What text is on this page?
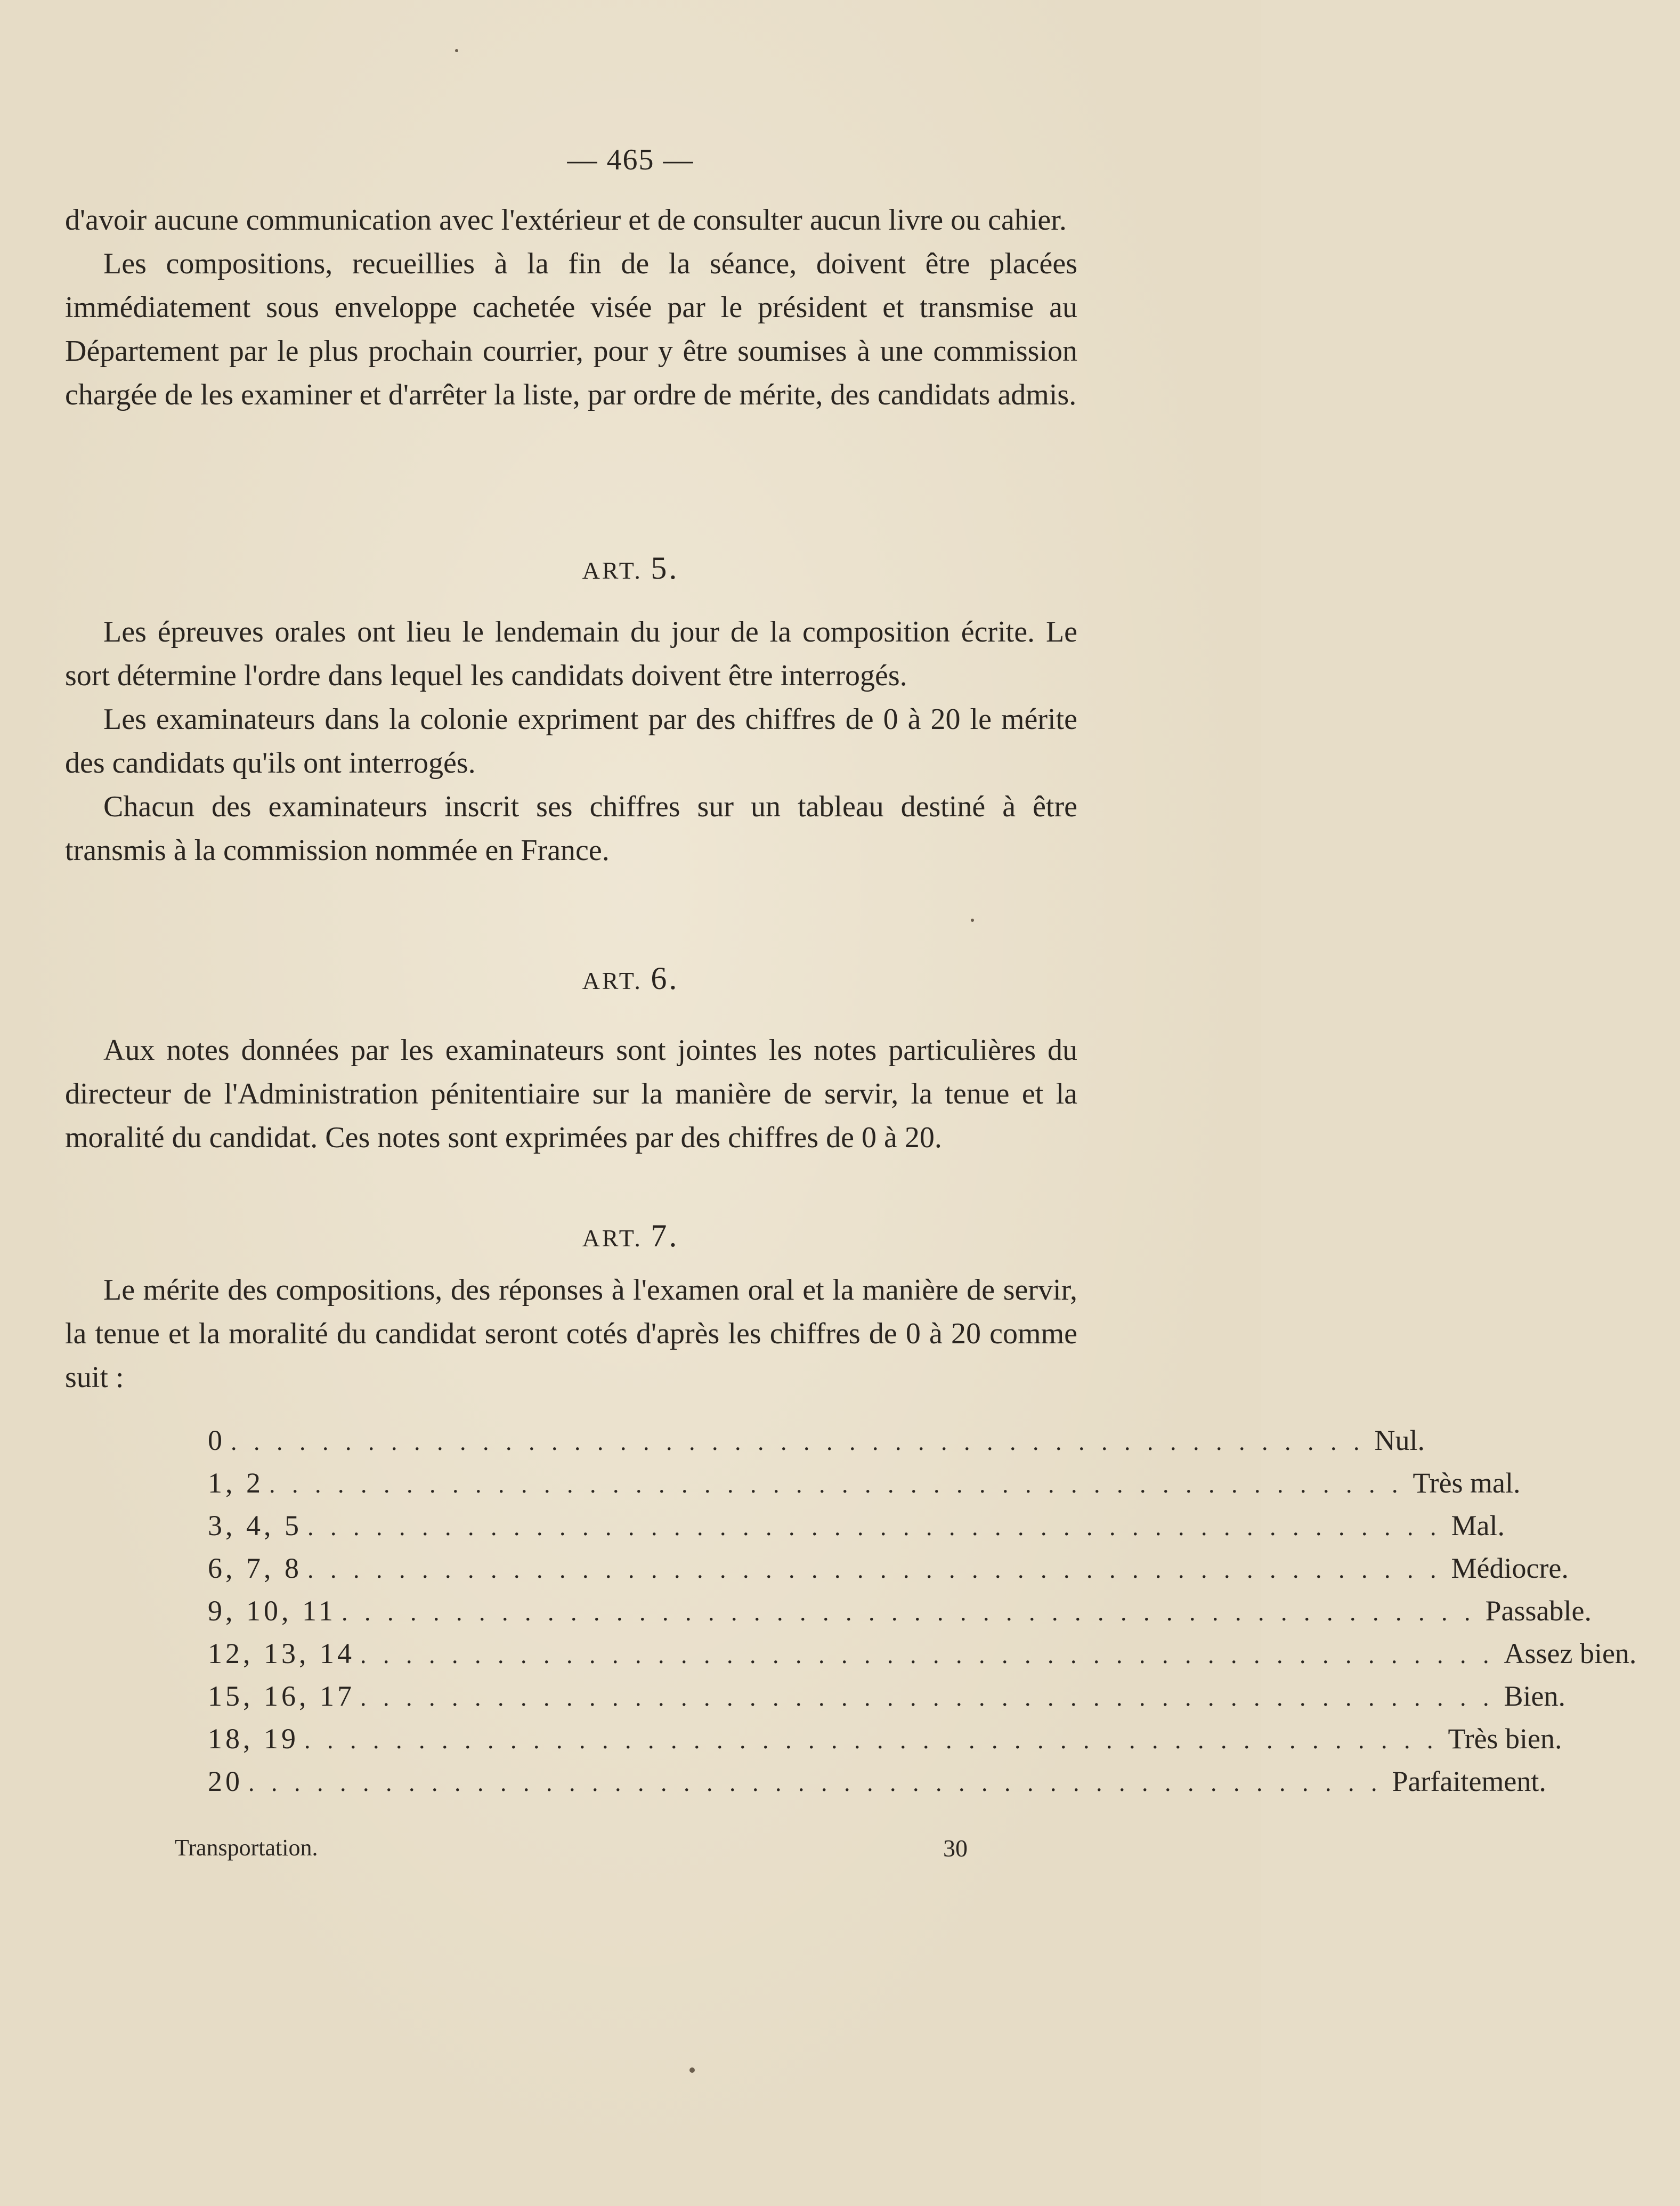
— 465 —

d'avoir aucune communication avec l'extérieur et de consulter aucun livre ou cahier.

Les compositions, recueillies à la fin de la séance, doivent être placées immédiatement sous enveloppe cachetée visée par le président et transmise au Département par le plus prochain courrier, pour y être soumises à une commission chargée de les examiner et d'arrêter la liste, par ordre de mérite, des candidats admis.

ART. 5.

Les épreuves orales ont lieu le lendemain du jour de la composition écrite. Le sort détermine l'ordre dans lequel les candidats doivent être interrogés.

Les examinateurs dans la colonie expriment par des chiffres de 0 à 20 le mérite des candidats qu'ils ont interrogés.

Chacun des examinateurs inscrit ses chiffres sur un tableau destiné à être transmis à la commission nommée en France.

ART. 6.

Aux notes données par les examinateurs sont jointes les notes particulières du directeur de l'Administration pénitentiaire sur la manière de servir, la tenue et la moralité du candidat. Ces notes sont exprimées par des chiffres de 0 à 20.

ART. 7.

Le mérite des compositions, des réponses à l'examen oral et la manière de servir, la tenue et la moralité du candidat seront cotés d'après les chiffres de 0 à 20 comme suit :

0 . . . . . . . . . . . . . . . . . . . . . . . . . . . . . . . . . . . . . . . . . . . . . . . . . . Nul.
1, 2 . . . . . . . . . . . . . . . . . . . . . . . . . . . . . . . . . . . . . . . . . . . . . . . . . . Très mal.
3, 4, 5 . . . . . . . . . . . . . . . . . . . . . . . . . . . . . . . . . . . . . . . . . . . . . . . . . . Mal.
6, 7, 8 . . . . . . . . . . . . . . . . . . . . . . . . . . . . . . . . . . . . . . . . . . . . . . . . . . Médiocre.
9, 10, 11 . . . . . . . . . . . . . . . . . . . . . . . . . . . . . . . . . . . . . . . . . . . . . . . . . . Passable.
12, 13, 14 . . . . . . . . . . . . . . . . . . . . . . . . . . . . . . . . . . . . . . . . . . . . . . . . . . Assez bien.
15, 16, 17 . . . . . . . . . . . . . . . . . . . . . . . . . . . . . . . . . . . . . . . . . . . . . . . . . . Bien.
18, 19 . . . . . . . . . . . . . . . . . . . . . . . . . . . . . . . . . . . . . . . . . . . . . . . . . . Très bien.
20 . . . . . . . . . . . . . . . . . . . . . . . . . . . . . . . . . . . . . . . . . . . . . . . . . . Parfaitement.
Transportation.	30
